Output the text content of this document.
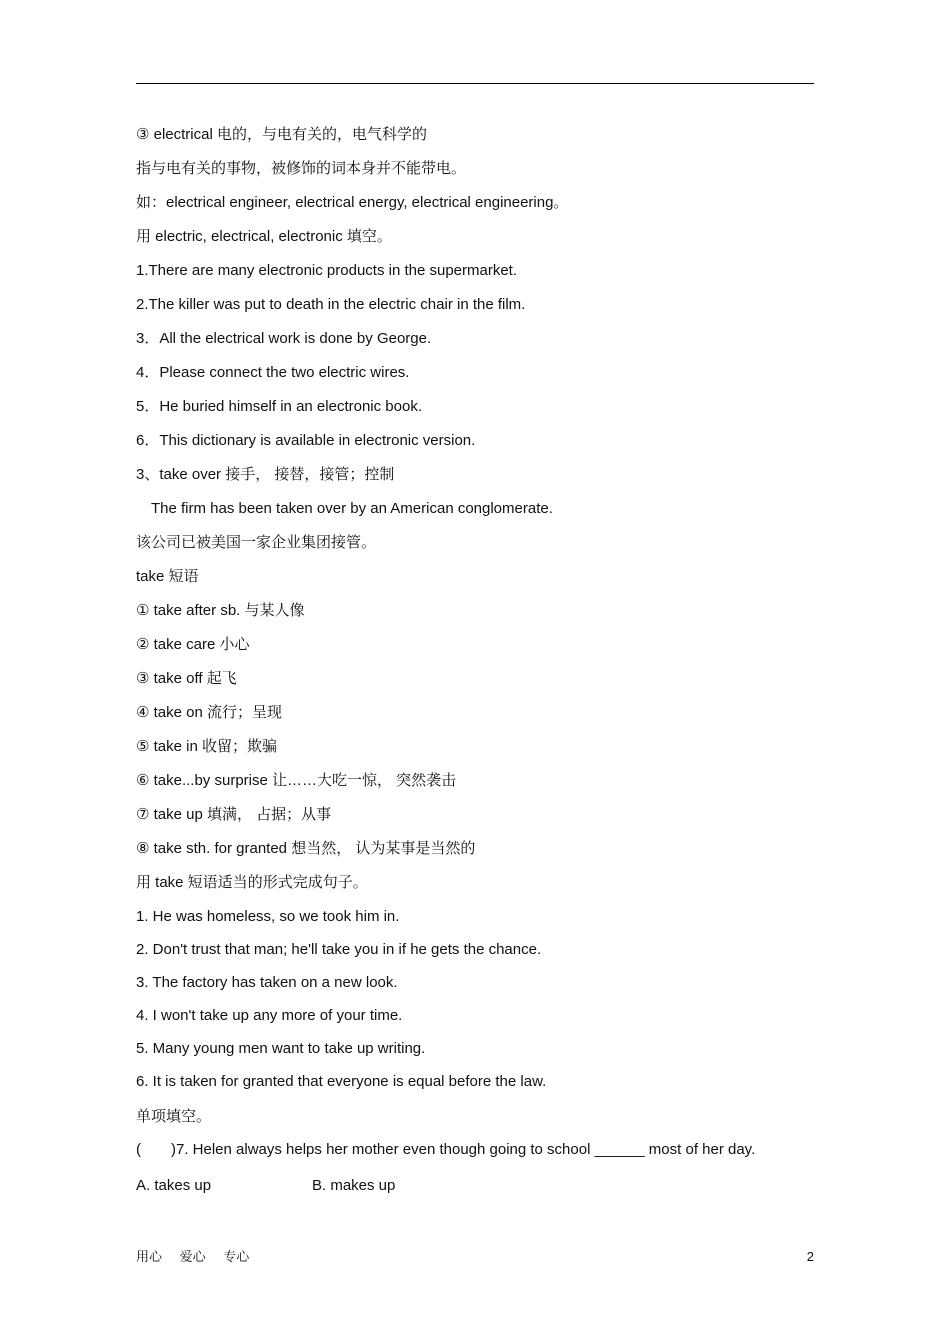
③ electrical 电的，与电有关的，电气科学的
指与电有关的事物，被修饰的词本身并不能带电。
如：electrical engineer, electrical energy, electrical engineering。
用 electric, electrical, electronic 填空。
1.There are many electronic products in the supermarket.
2.The killer was put to death in the electric chair in the film.
3．All the electrical work is done by George.
4．Please connect the two electric wires.
5．He buried himself in an electronic book.
6．This dictionary is available in electronic version.
3、take over 接手， 接替，接管；控制
The firm has been taken over by an American conglomerate.
该公司已被美国一家企业集团接管。
take 短语
① take after sb. 与某人像
② take care 小心
③ take off 起飞
④ take on 流行；呈现
⑤ take in 收留；欺骗
⑥ take...by surprise 让……大吃一惊， 突然袭击
⑦ take up 填满， 占据；从事
⑧ take sth. for granted 想当然， 认为某事是当然的
用 take 短语适当的形式完成句子。
1. He was homeless, so we took him in.
2. Don't trust that man; he'll take you in if he gets the chance.
3. The factory has taken on a new look.
4. I won't take up any more of your time.
5. Many young men want to take up writing.
6. It is taken for granted that everyone is equal before the law.
单项填空。
(　　)7. Helen always helps her mother even though going to school ______ most of her day.
A. takes up	B. makes up
用心 爱心 专心	2
